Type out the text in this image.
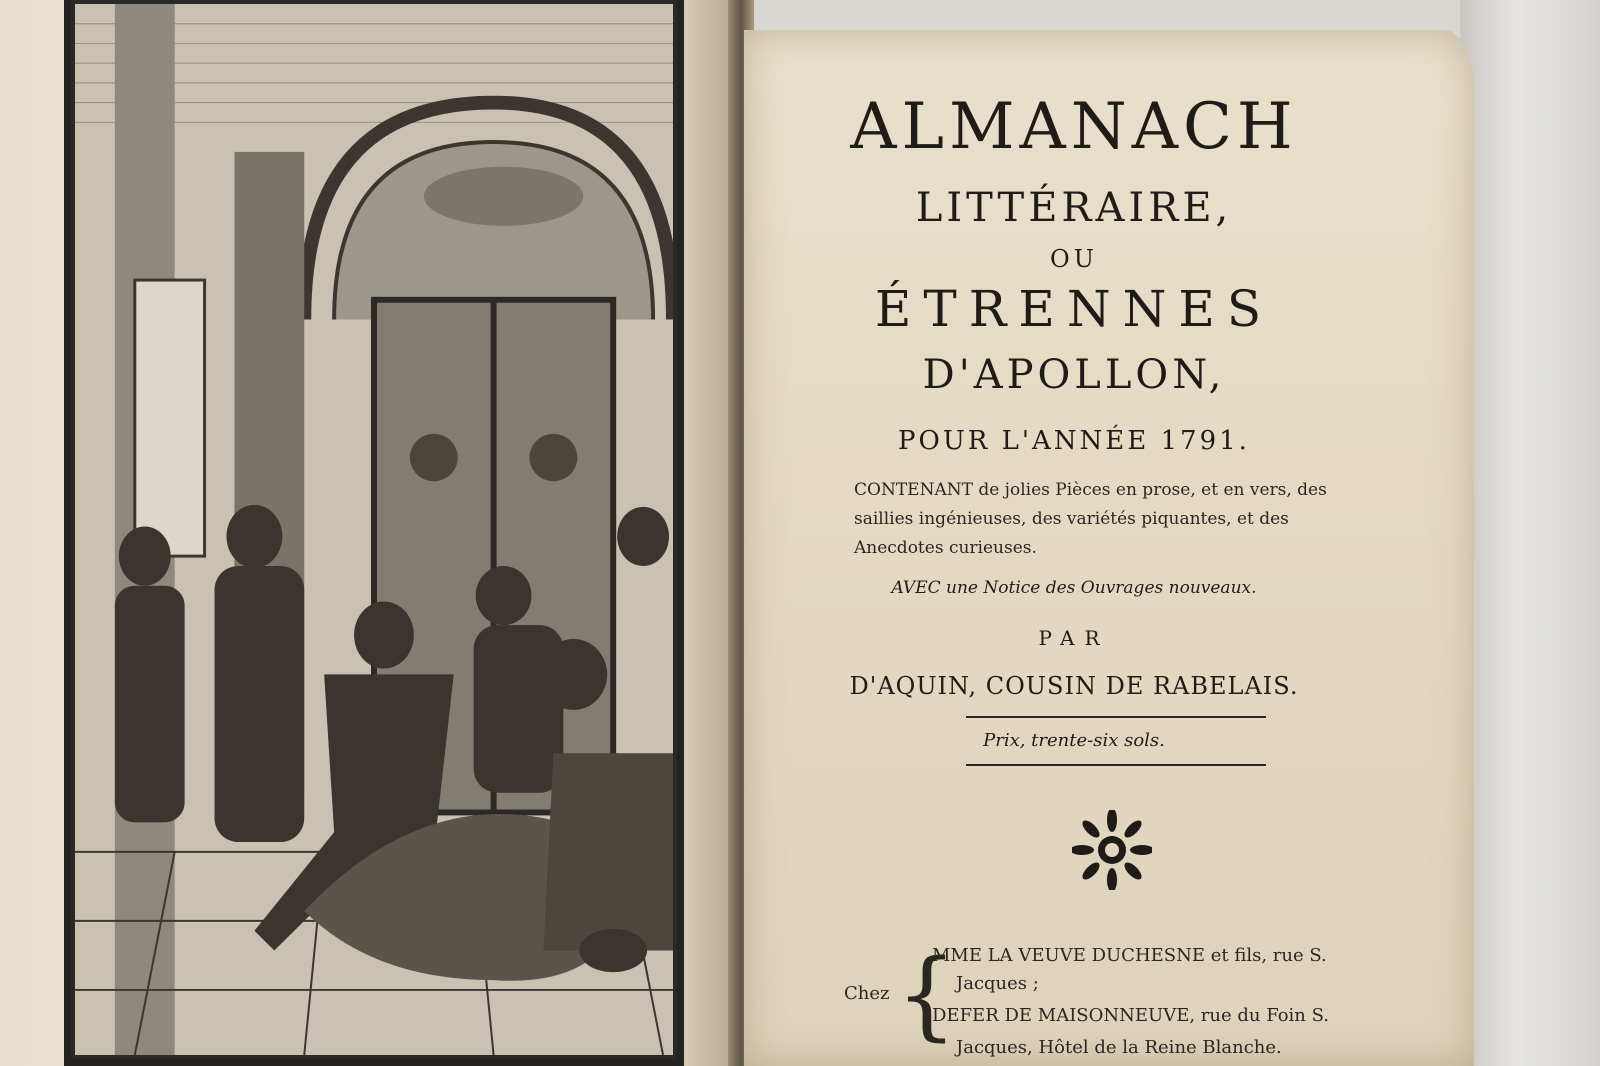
ALMANACH
LITTÉRAIRE,
OU
ÉTRENNES
D'APOLLON,
POUR L'ANNÉE 1791.
CONTENANT de jolies Pièces en prose, et en vers, des saillies ingénieuses, des variétés piquantes, et des Anecdotes curieuses.
AVEC une Notice des Ouvrages nouveaux.
PAR
D'AQUIN, COUSIN DE RABELAIS.
Prix, trente-six sols.
Chez {
MME LA VEUVE DUCHESNE et fils, rue S.
Jacques ;
DEFER DE MAISONNEUVE, rue du Foin S.
Jacques, Hôtel de la Reine Blanche.
